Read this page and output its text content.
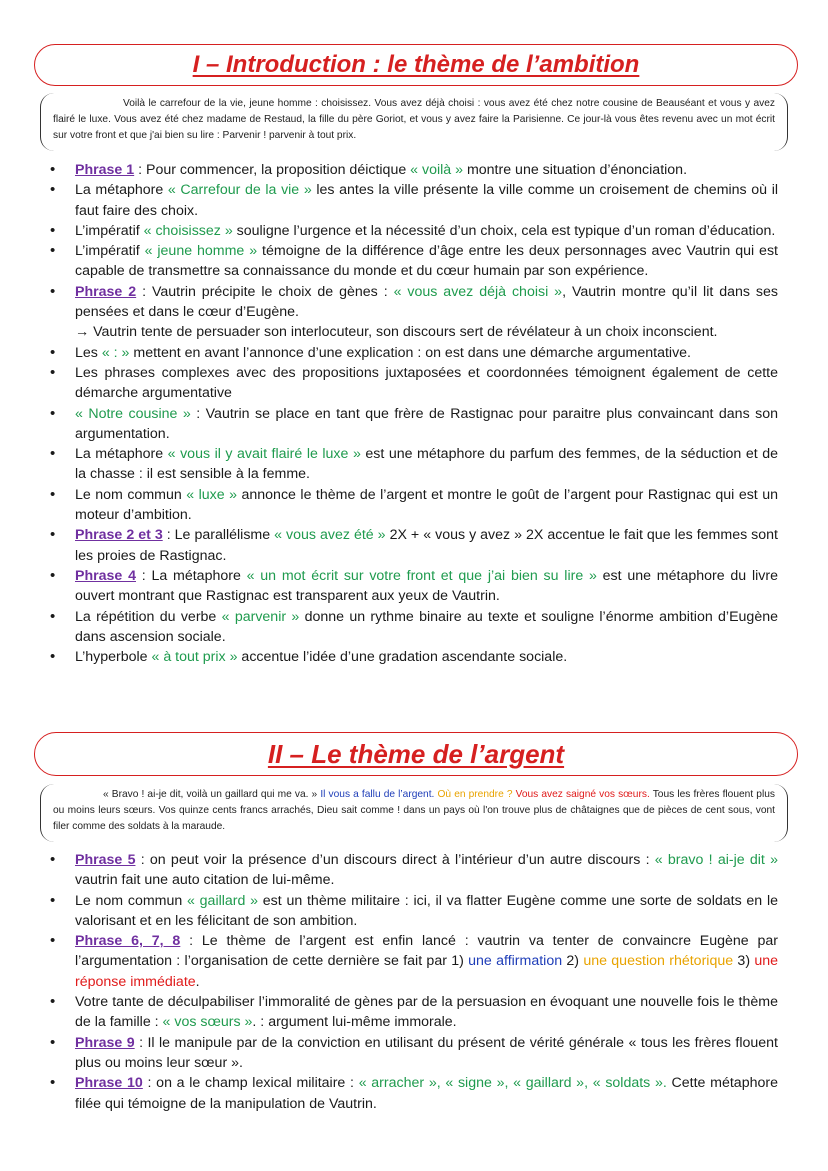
I – Introduction : le thème de l’ambition
Voilà le carrefour de la vie, jeune homme : choisissez. Vous avez déjà choisi : vous avez été chez notre cousine de Beauséant et vous y avez flairé le luxe. Vous avez été chez madame de Restaud, la fille du père Goriot, et vous y avez faire la Parisienne. Ce jour-là vous êtes revenu avec un mot écrit sur votre front et que j'ai bien su lire : Parvenir ! parvenir à tout prix.
• Phrase 1 : Pour commencer, la proposition déictique « voilà » montre une situation d’énonciation.
• La métaphore « Carrefour de la vie » les antes la ville présente la ville comme un croisement de chemins où il faut faire des choix.
• L’impératif « choisissez » souligne l’urgence et la nécessité d’un choix, cela est typique d’un roman d’éducation.
• L’impératif « jeune homme » témoigne de la différence d’âge entre les deux personnages avec Vautrin qui est capable de transmettre sa connaissance du monde et du cœur humain par son expérience.
• Phrase 2 : Vautrin précipite le choix de gènes : « vous avez déjà choisi », Vautrin montre qu’il lit dans ses pensées et dans le cœur d’Eugène.
→ Vautrin tente de persuader son interlocuteur, son discours sert de révélateur à un choix inconscient.
• Les « : » mettent en avant l’annonce d’une explication : on est dans une démarche argumentative.
• Les phrases complexes avec des propositions juxtaposées et coordonnées témoignent également de cette démarche argumentative
• « Notre cousine » : Vautrin se place en tant que frère de Rastignac pour paraitre plus convaincant dans son argumentation.
• La métaphore « vous il y avait flairé le luxe » est une métaphore du parfum des femmes, de la séduction et de la chasse : il est sensible à la femme.
• Le nom commun « luxe » annonce le thème de l’argent et montre le goût de l’argent pour Rastignac qui est un moteur d’ambition.
• Phrase 2 et 3 : Le parallélisme « vous avez été » 2X + « vous y avez » 2X accentue le fait que les femmes sont les proies de Rastignac.
• Phrase 4 : La métaphore « un mot écrit sur votre front et que j’ai bien su lire » est une métaphore du livre ouvert montrant que Rastignac est transparent aux yeux de Vautrin.
• La répétition du verbe « parvenir » donne un rythme binaire au texte et souligne l’énorme ambition d’Eugène dans ascension sociale.
• L’hyperbole « à tout prix » accentue l’idée d’une gradation ascendante sociale.
II – Le thème de l’argent
« Bravo ! ai-je dit, voilà un gaillard qui me va. » Il vous a fallu de l’argent. Où en prendre ? Vous avez saigné vos sœurs. Tous les frères flouent plus ou moins leurs sœurs. Vos quinze cents francs arrachés, Dieu sait comme ! dans un pays où l'on trouve plus de châtaignes que de pièces de cent sous, vont filer comme des soldats à la maraude.
• Phrase 5 : on peut voir la présence d’un discours direct à l’intérieur d’un autre discours : « bravo ! ai-je dit » vautrin fait une auto citation de lui-même.
• Le nom commun « gaillard » est un thème militaire : ici, il va flatter Eugène comme une sorte de soldats en le valorisant et en les félicitant de son ambition.
• Phrase 6, 7, 8 : Le thème de l’argent est enfin lancé : vautrin va tenter de convaincre Eugène par l’argumentation : l’organisation de cette dernière se fait par 1) une affirmation 2) une question rhétorique 3) une réponse immédiate.
• Votre tante de déculpabiliser l’immoralité de gènes par de la persuasion en évoquant une nouvelle fois le thème de la famille : « vos sœurs ». : argument lui-même immorale.
• Phrase 9 : Il le manipule par de la conviction en utilisant du présent de vérité générale « tous les frères flouent plus ou moins leur sœur ».
• Phrase 10 : on a le champ lexical militaire : « arracher », « signe », « gaillard », « soldats ». Cette métaphore filée qui témoigne de la manipulation de Vautrin.
